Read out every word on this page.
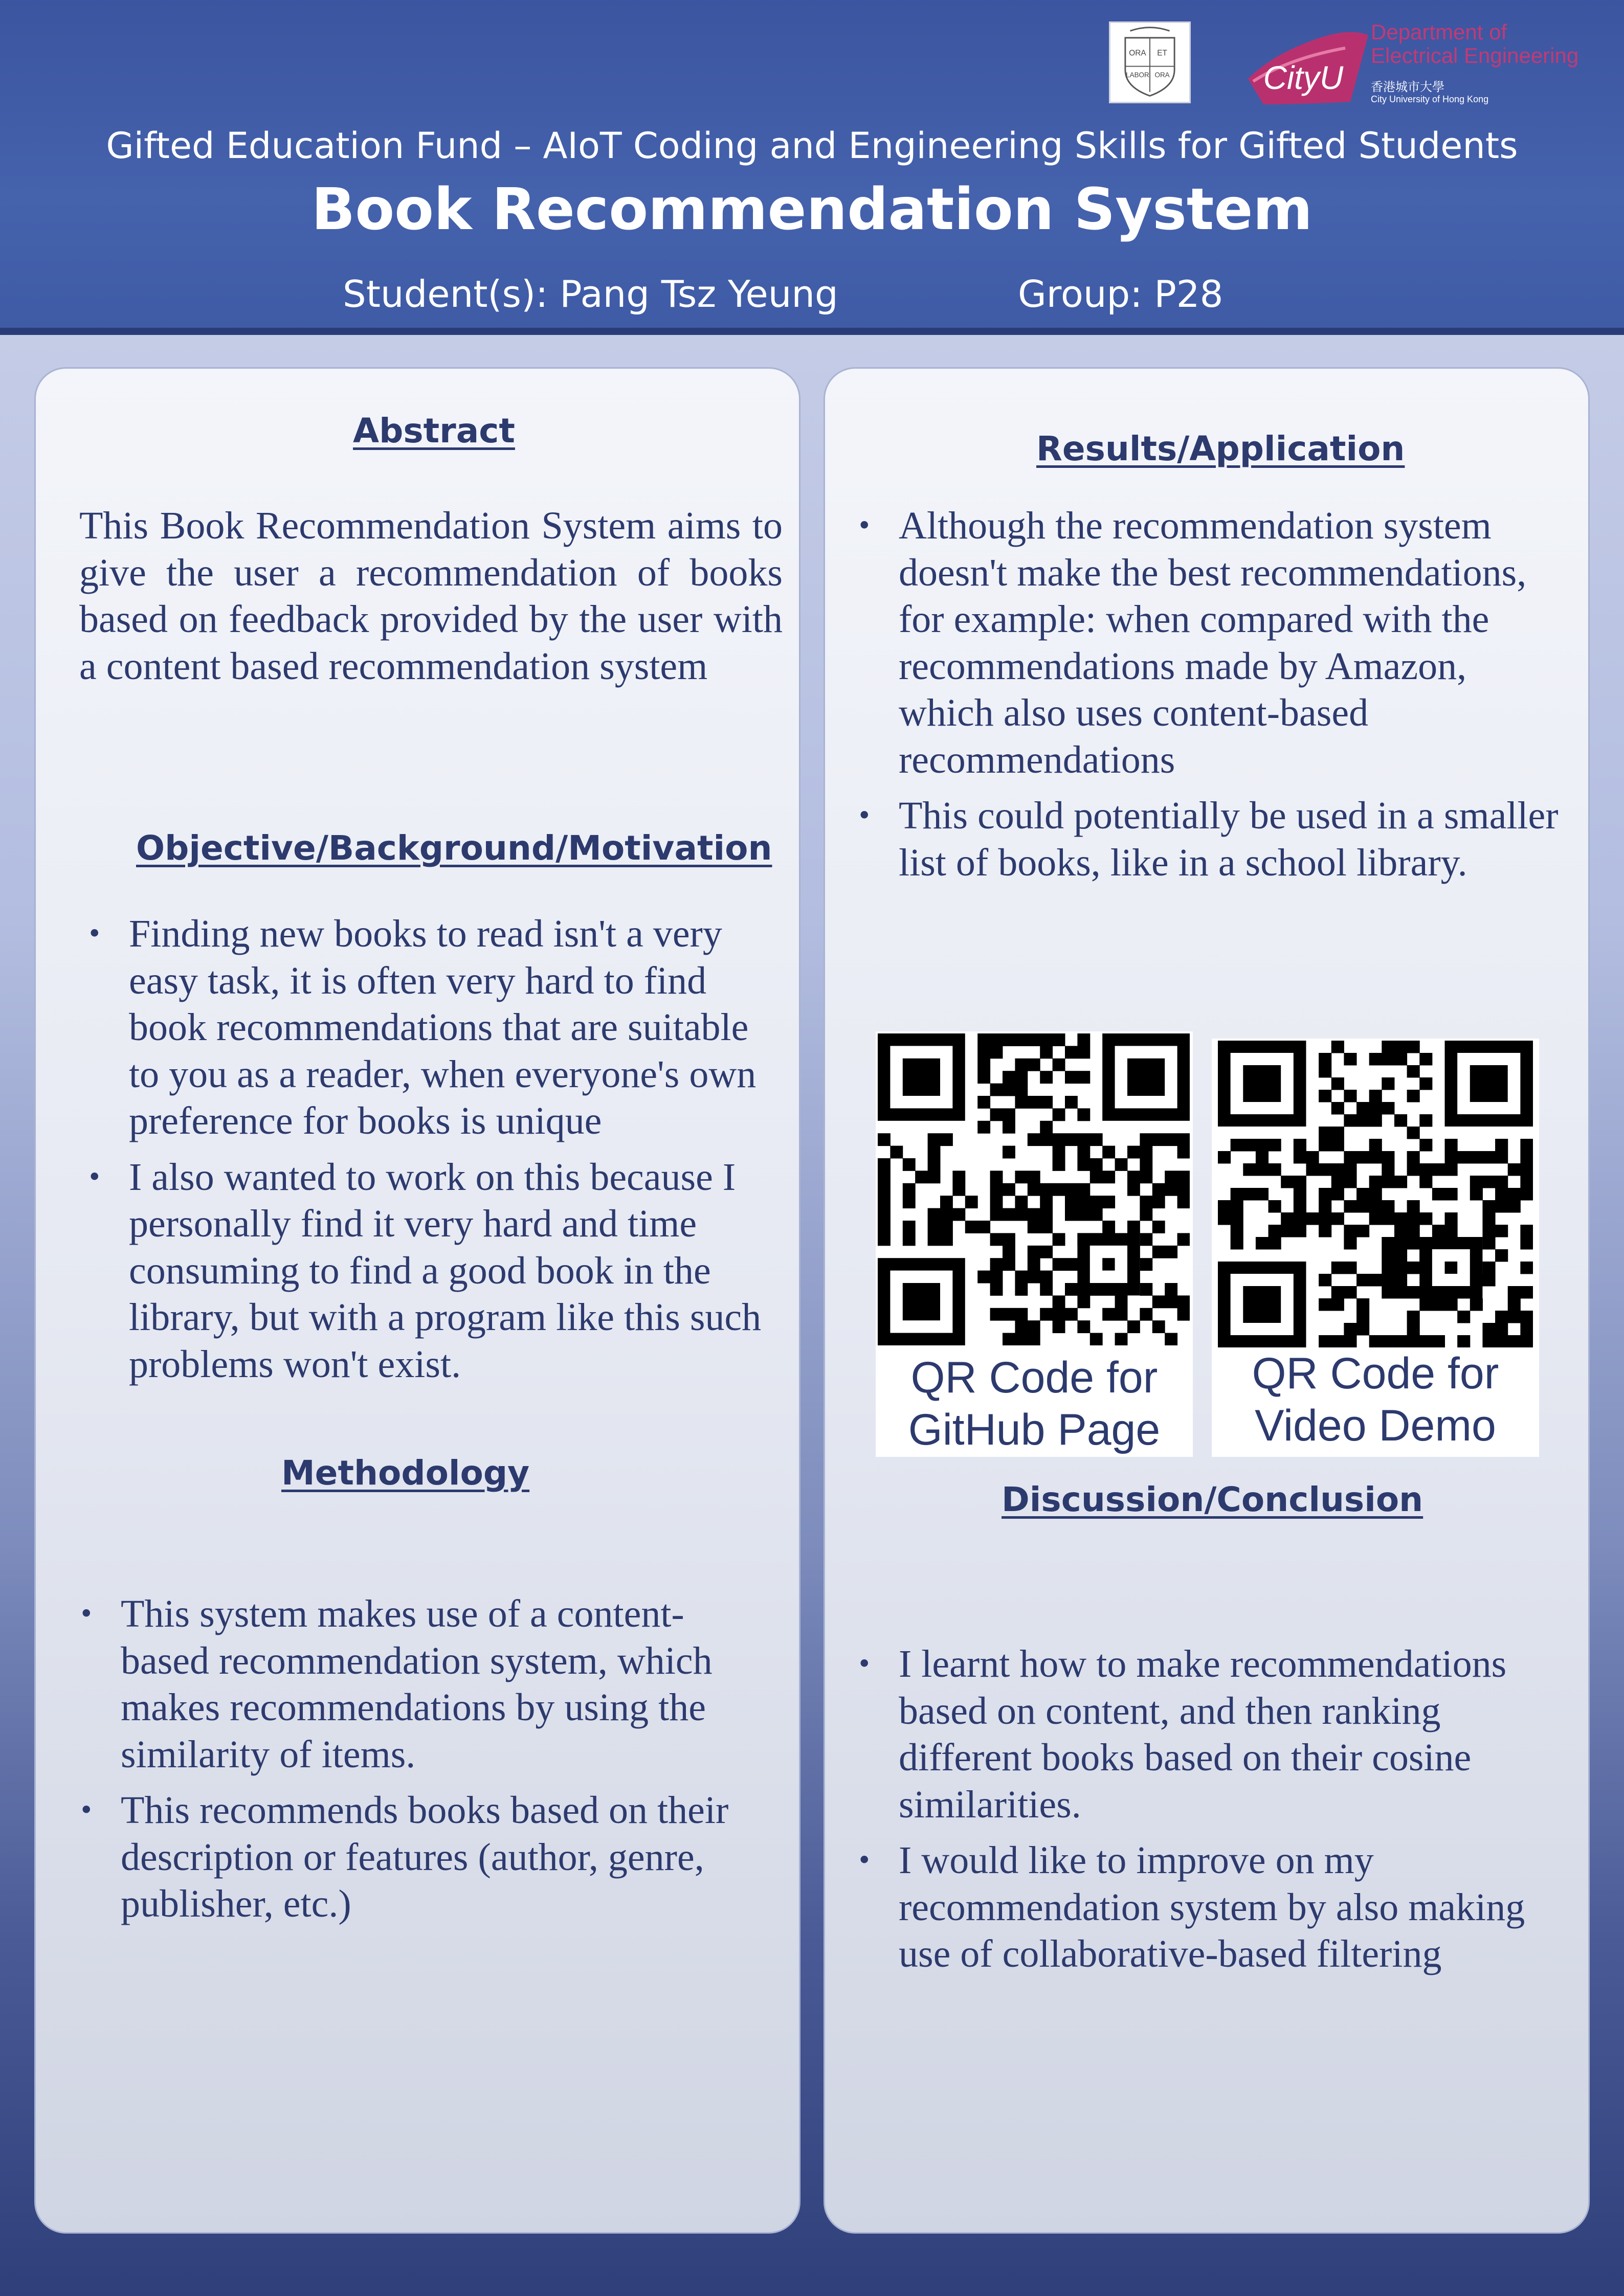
ORA ET
LABOR ORA	CityU
Department of
Electrical Engineering
香港城市大學
City University of Hong Kong
Gifted Education Fund – AIoT Coding and Engineering Skills for Gifted Students
Book Recommendation System
Student(s): Pang Tsz Yeung	Group: P28
Abstract
This Book Recommendation System aims to give the user a recommendation of books based on feedback provided by the user with a content based recommendation system
Objective/Background/Motivation
• Finding new books to read isn't a very easy task, it is often very hard to find book recommendations that are suitable to you as a reader, when everyone's own preference for books is unique
• I also wanted to work on this because I personally find it very hard and time consuming to find a good book in the library, but with a program like this such problems won't exist.
Methodology
• This system makes use of a content-based recommendation system, which makes recommendations by using the similarity of items.
• This recommends books based on their description or features (author, genre, publisher, etc.)
Results/Application
• Although the recommendation system doesn't make the best recommendations, for example: when compared with the recommendations made by Amazon, which also uses content-based recommendations
• This could potentially be used in a smaller list of books, like in a school library.
QR Code for
GitHub Page
QR Code for
Video Demo
Discussion/Conclusion
• I learnt how to make recommendations based on content, and then ranking different books based on their cosine similarities.
• I would like to improve on my recommendation system by also making use of collaborative-based filtering
